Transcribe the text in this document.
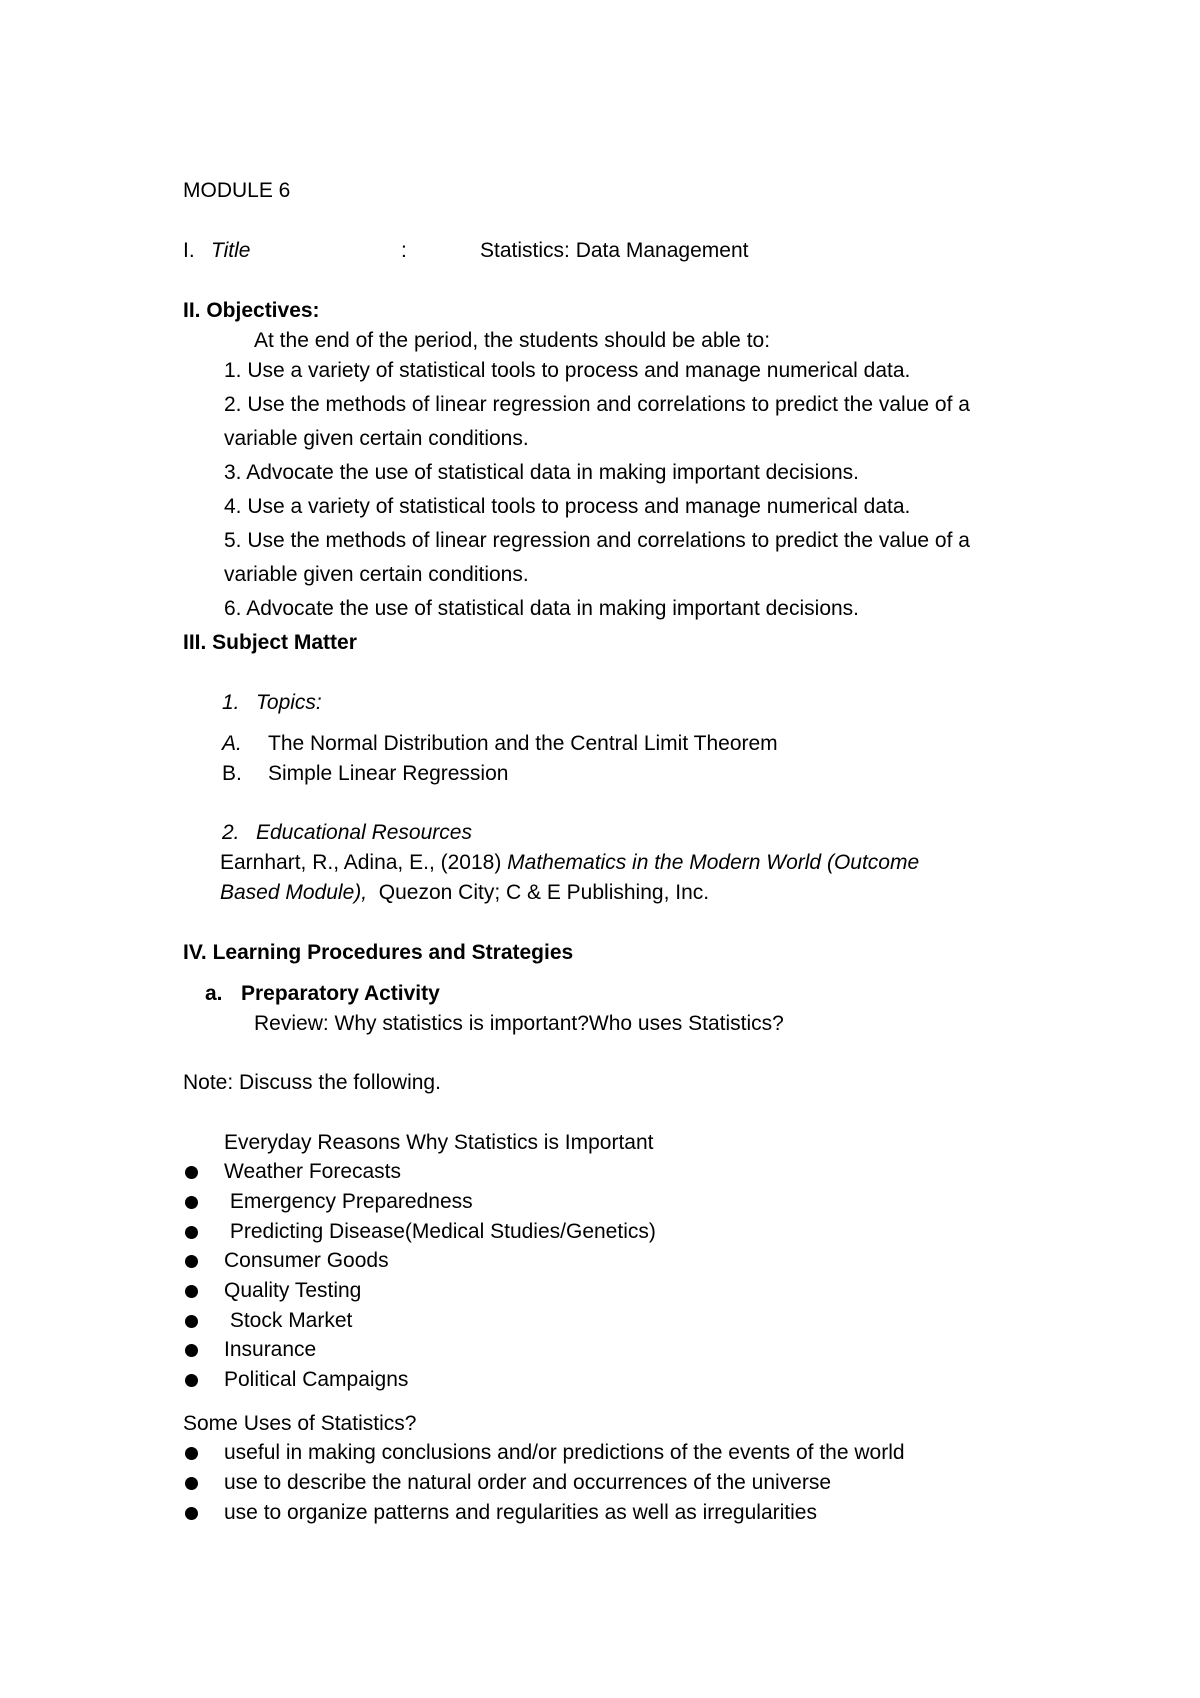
MODULE 6
I. Title	:	Statistics: Data Management
II. Objectives:
At the end of the period, the students should be able to:
1. Use a variety of statistical tools to process and manage numerical data.
2. Use the methods of linear regression and correlations to predict the value of a
variable given certain conditions.
3. Advocate the use of statistical data in making important decisions.
4. Use a variety of statistical tools to process and manage numerical data.
5. Use the methods of linear regression and correlations to predict the value of a
variable given certain conditions.
6. Advocate the use of statistical data in making important decisions.
III. Subject Matter
1. Topics:
A. The Normal Distribution and the Central Limit Theorem
B. Simple Linear Regression
2. Educational Resources
Earnhart, R., Adina, E., (2018) Mathematics in the Modern World (Outcome
Based Module),  Quezon City; C & E Publishing, Inc.
IV. Learning Procedures and Strategies
a. Preparatory Activity
Review: Why statistics is important?Who uses Statistics?
Note: Discuss the following.
Everyday Reasons Why Statistics is Important
Weather Forecasts
Emergency Preparedness
Predicting Disease(Medical Studies/Genetics)
Consumer Goods
Quality Testing
Stock Market
Insurance
Political Campaigns
Some Uses of Statistics?
useful in making conclusions and/or predictions of the events of the world
use to describe the natural order and occurrences of the universe
use to organize patterns and regularities as well as irregularities
